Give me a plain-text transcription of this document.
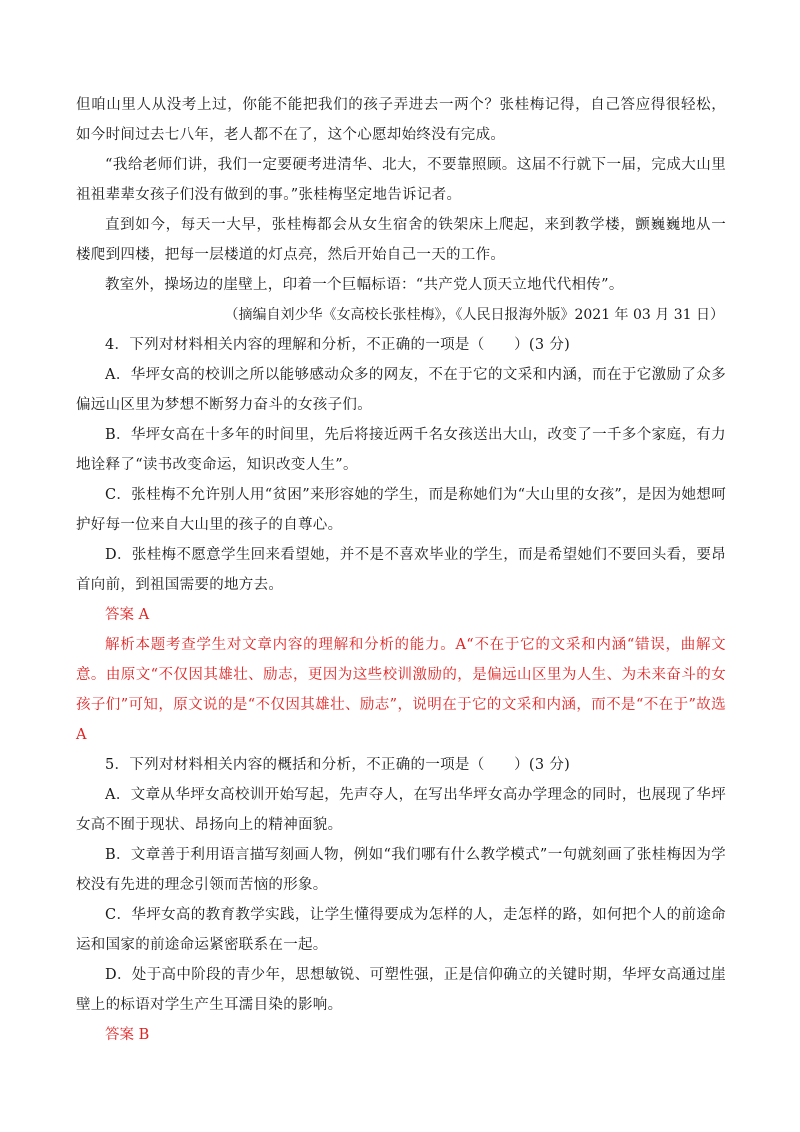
但咱山里人从没考上过，你能不能把我们的孩子弄进去一两个？张桂梅记得，自己答应得很轻松，如今时间过去七八年，老人都不在了，这个心愿却始终没有完成。

“我给老师们讲，我们一定要硬考进清华、北大，不要靠照顾。这届不行就下一届，完成大山里祖祖辈辈女孩子们没有做到的事。”张桂梅坚定地告诉记者。

直到如今，每天一大早，张桂梅都会从女生宿舍的铁架床上爬起，来到教学楼，颤巍巍地从一楼爬到四楼，把每一层楼道的灯点亮，然后开始自己一天的工作。

教室外，操场边的崖壁上，印着一个巨幅标语：“共产党人顶天立地代代相传”。

（摘编自刘少华《女高校长张桂梅》，《人民日报海外版》2021 年 03 月 31 日）

4．下列对材料相关内容的理解和分析，不正确的一项是（　　）(3 分)

A．华坪女高的校训之所以能够感动众多的网友，不在于它的文采和内涵，而在于它激励了众多偏远山区里为梦想不断努力奋斗的女孩子们。

B．华坪女高在十多年的时间里，先后将接近两千名女孩送出大山，改变了一千多个家庭，有力地诠释了“读书改变命运，知识改变人生”。

C．张桂梅不允许别人用“贫困”来形容她的学生，而是称她们为“大山里的女孩”，是因为她想呵护好每一位来自大山里的孩子的自尊心。

D．张桂梅不愿意学生回来看望她，并不是不喜欢毕业的学生，而是希望她们不要回头看，要昂首向前，到祖国需要的地方去。

答案 A

解析本题考查学生对文章内容的理解和分析的能力。A“不在于它的文采和内涵“错误，曲解文意。由原文“不仅因其雄壮、励志，更因为这些校训激励的，是偏远山区里为人生、为未来奋斗的女孩子们”可知，原文说的是“不仅因其雄壮、励志”，说明在于它的文采和内涵，而不是“不在于”故选 A

5．下列对材料相关内容的概括和分析，不正确的一项是（　　）(3 分)

A．文章从华坪女高校训开始写起，先声夺人，在写出华坪女高办学理念的同时，也展现了华坪女高不囿于现状、昂扬向上的精神面貌。

B．文章善于利用语言描写刻画人物，例如“我们哪有什么教学模式”一句就刻画了张桂梅因为学校没有先进的理念引领而苦恼的形象。

C．华坪女高的教育教学实践，让学生懂得要成为怎样的人，走怎样的路，如何把个人的前途命运和国家的前途命运紧密联系在一起。

D．处于高中阶段的青少年，思想敏锐、可塑性强，正是信仰确立的关键时期，华坪女高通过崖壁上的标语对学生产生耳濡目染的影响。

答案 B
